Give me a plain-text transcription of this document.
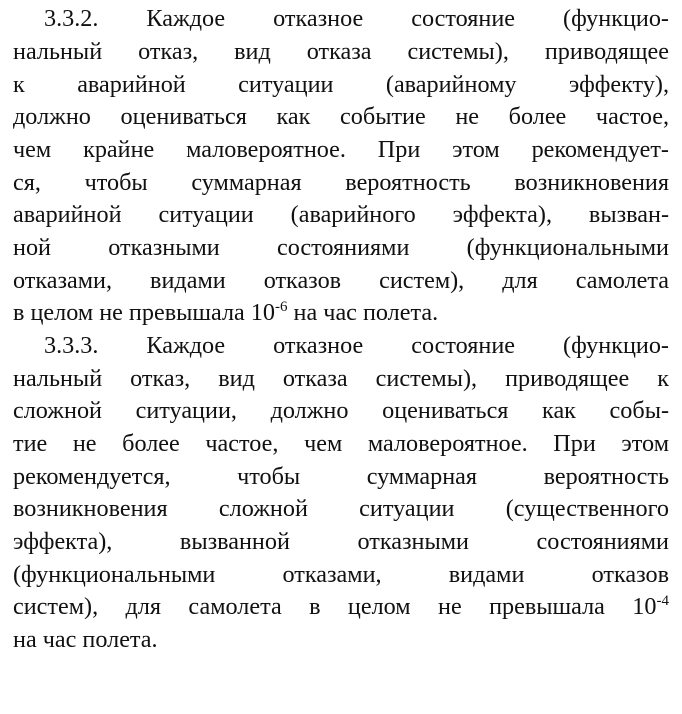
3.3.2. Каждое отказное состояние (функцио-
нальный отказ, вид отказа системы), приводящее
к аварийной ситуации (аварийному эффекту),
должно оцениваться как событие не более частое,
чем крайне маловероятное. При этом рекомендует-
ся, чтобы суммарная вероятность возникновения
аварийной ситуации (аварийного эффекта), вызван-
ной отказными состояниями (функциональными
отказами, видами отказов систем), для самолета
в целом не превышала $10^{-6}$ на час полета.
3.3.3. Каждое отказное состояние (функцио-
нальный отказ, вид отказа системы), приводящее к
сложной ситуации, должно оцениваться как собы-
тие не более частое, чем маловероятное. При этом
рекомендуется, чтобы суммарная вероятность
возникновения сложной ситуации (существенного
эффекта), вызванной отказными состояниями
(функциональными отказами, видами отказов
систем), для самолета в целом не превышала $10^{-4}$
на час полета.
